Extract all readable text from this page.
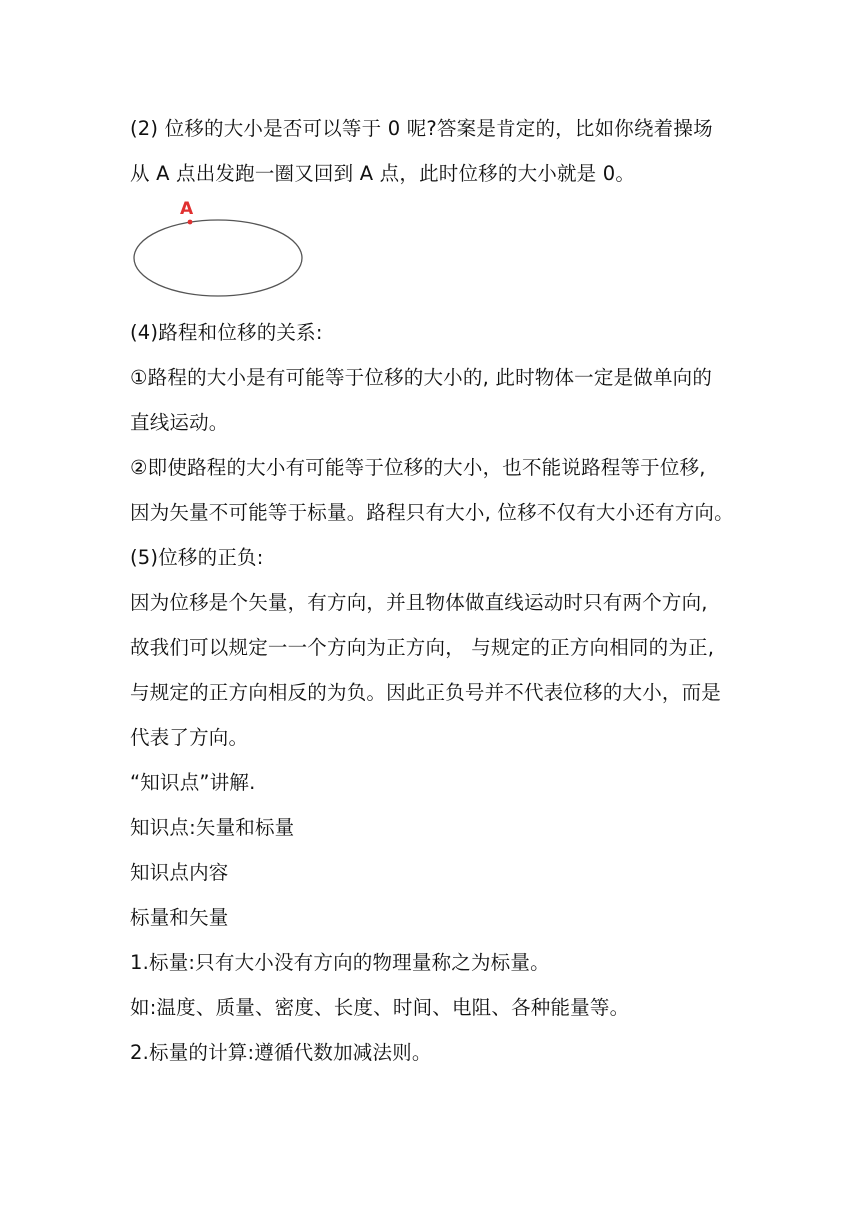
(2) 位移的大小是否可以等于 0 呢?答案是肯定的，比如你绕着操场
从 A 点出发跑一圈又回到 A 点，此时位移的大小就是 0。
A
(4)路程和位移的关系:
①路程的大小是有可能等于位移的大小的, 此时物体一定是做单向的
直线运动。
②即使路程的大小有可能等于位移的大小，也不能说路程等于位移,
因为矢量不可能等于标量。路程只有大小, 位移不仅有大小还有方向。
(5)位移的正负:
因为位移是个矢量，有方向，并且物体做直线运动时只有两个方向,
故我们可以规定一一个方向为正方向， 与规定的正方向相同的为正,
与规定的正方向相反的为负。因此正负号并不代表位移的大小，而是
代表了方向。
“知识点”讲解.
知识点:矢量和标量
知识点内容
标量和矢量
1.标量:只有大小没有方向的物理量称之为标量。
如:温度、质量、密度、长度、时间、电阻、各种能量等。
2.标量的计算:遵循代数加减法则。
